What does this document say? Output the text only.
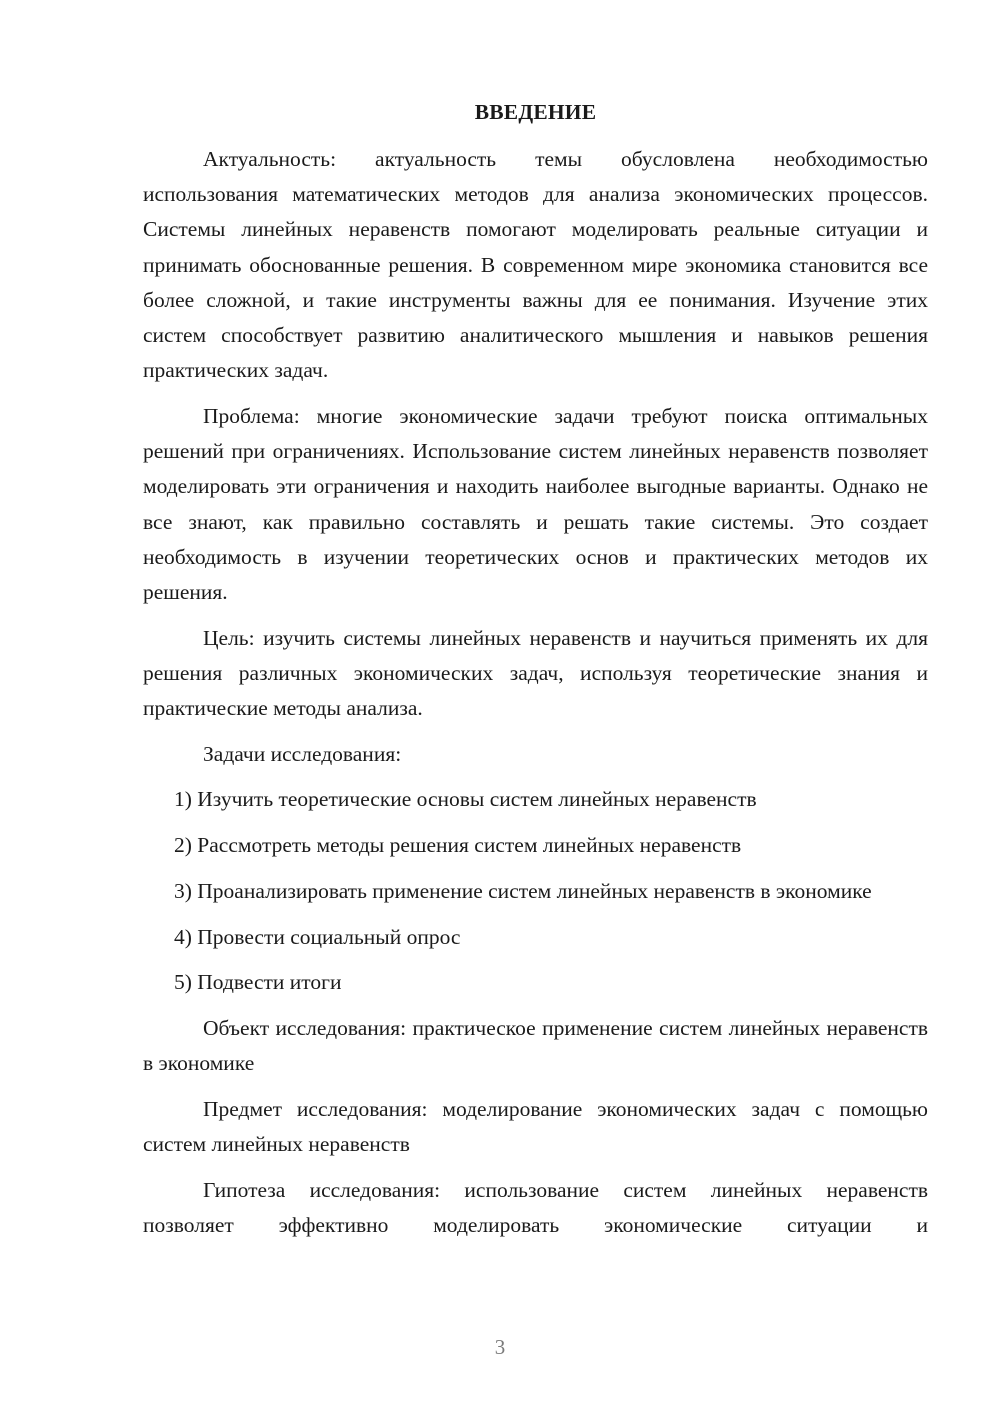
ВВЕДЕНИЕ

Актуальность: актуальность темы обусловлена необходимостью использования математических методов для анализа экономических процессов. Системы линейных неравенств помогают моделировать реальные ситуации и принимать обоснованные решения. В современном мире экономика становится все более сложной, и такие инструменты важны для ее понимания. Изучение этих систем способствует развитию аналитического мышления и навыков решения практических задач.

Проблема: многие экономические задачи требуют поиска оптимальных решений при ограничениях. Использование систем линейных неравенств позволяет моделировать эти ограничения и находить наиболее выгодные варианты. Однако не все знают, как правильно составлять и решать такие системы. Это создает необходимость в изучении теоретических основ и практических методов их решения.

Цель: изучить системы линейных неравенств и научиться применять их для решения различных экономических задач, используя теоретические знания и практические методы анализа.

Задачи исследования:

1) Изучить теоретические основы систем линейных неравенств

2) Рассмотреть методы решения систем линейных неравенств

3) Проанализировать применение систем линейных неравенств в экономике

4) Провести социальный опрос

5) Подвести итоги

Объект исследования: практическое применение систем линейных неравенств в экономике

Предмет исследования: моделирование экономических задач с помощью систем линейных неравенств

Гипотеза исследования: использование систем линейных неравенств позволяет эффективно моделировать экономические ситуации и

3
